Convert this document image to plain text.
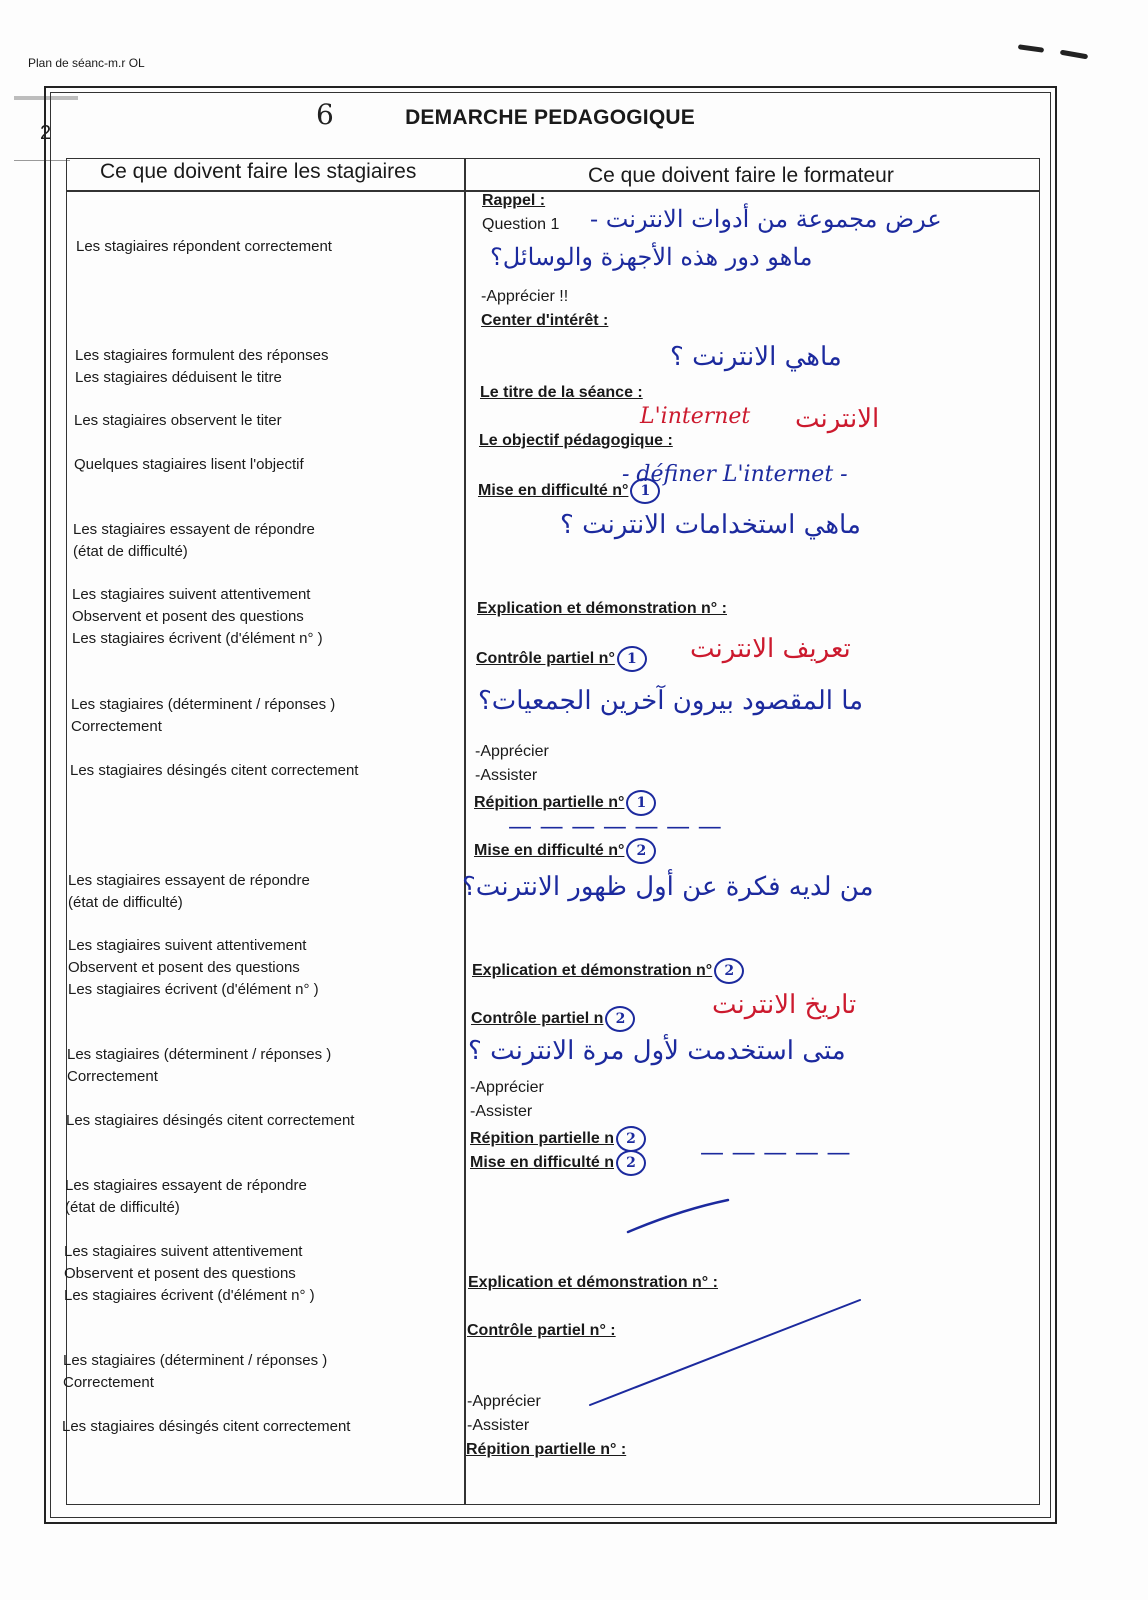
Plan de séanc-m.r OL
2
6	DEMARCHE PEDAGOGIQUE
Ce que doivent faire les stagiaires	Ce que doivent faire le formateur
Les stagiaires répondent correctement
Les stagiaires formulent des réponses
Les stagiaires déduisent le titre
Les stagiaires observent le titer
Quelques stagiaires lisent l'objectif
Les stagiaires essayent de répondre
(état de difficulté)
Les stagiaires suivent attentivement
Observent et posent des questions
Les stagiaires écrivent (d'élément n° )
Les stagiaires (déterminent / réponses )
Correctement
Les stagiaires désingés citent correctement
Les stagiaires essayent de répondre
(état de difficulté)
Les stagiaires suivent attentivement
Observent et posent des questions
Les stagiaires écrivent (d'élément n° )
Les stagiaires (déterminent / réponses )
Correctement
Les stagiaires désingés citent correctement
Les stagiaires essayent de répondre
(état de difficulté)
Les stagiaires suivent attentivement
Observent et posent des questions
Les stagiaires écrivent (d'élément n° )
Les stagiaires (déterminent / réponses )
Correctement
Les stagiaires désingés citent correctement
Rappel :
Question 1
-Apprécier !!
Center d'intérêt :
Le titre de la séance :
Le objectif pédagogique :
Mise en difficulté n° 1
Explication et démonstration n° :
Contrôle partiel n° 1
-Apprécier
-Assister
Répition partielle n° 1
Mise en difficulté n° 2
Explication et démonstration n° 2
Contrôle partiel n 2
-Apprécier
-Assister
Répition partielle n 2
Mise en difficulté n 2
Explication et démonstration n° :
Contrôle partiel n° :
-Apprécier
-Assister
Répition partielle n° :
عرض مجموعة من أدوات الانترنت -
ماهو دور هذه الأجهزة والوسائل؟
ماهي الانترنت ؟
L'internet الانترنت
- définer L'internet -
ماهي استخدامات الانترنت ؟
تعريف الانترنت
ما المقصود بيرون آخرين الجمعيات؟
— — — — — — —
من لديه فكرة عن أول ظهور الانترنت؟
تاريخ الانترنت
متى استخدمت لأول مرة الانترنت ؟
— — — — —
